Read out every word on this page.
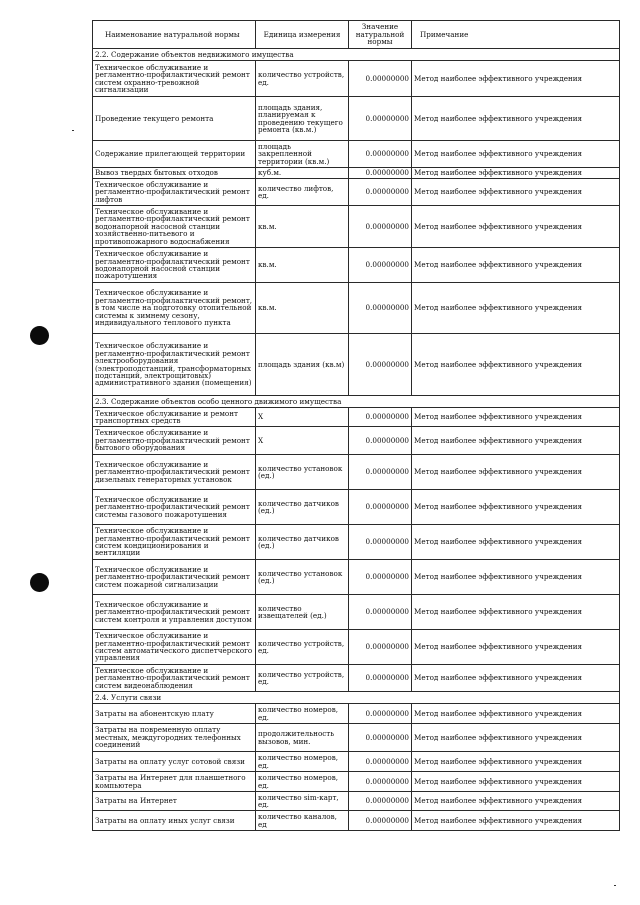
Наименование натуральной нормы	Единица измерения	Значение натуральной нормы	Примечание
2.2. Содержание объектов недвижимого имущества			
Техническое обслуживание и регламентно-профилактический ремонт систем охранно-тревожной сигнализации	количество устройств, ед.	0.00000000	Метод наиболее эффективного учреждения
Проведение текущего ремонта	площадь здания, планируемая к проведению текущего ремонта (кв.м.)	0.00000000	Метод наиболее эффективного учреждения
Содержание прилегающей территории	площадь закрепленной территории (кв.м.)	0.00000000	Метод наиболее эффективного учреждения
Вывоз твердых бытовых отходов	куб.м.	0.00000000	Метод наиболее эффективного учреждения
Техническое обслуживание и регламентно-профилактический ремонт лифтов	количество лифтов, ед.	0.00000000	Метод наиболее эффективного учреждения
Техническое обслуживание и регламентно-профилактический ремонт водонапорной насосной станции хозяйственно-питьевого и противопожарного водоснабжения	кв.м.	0.00000000	Метод наиболее эффективного учреждения
Техническое обслуживание и регламентно-профилактический ремонт водонапорной насосной станции пожаротушения	кв.м.	0.00000000	Метод наиболее эффективного учреждения
Техническое обслуживание и регламентно-профилактический ремонт, в том числе на подготовку отопительной системы к зимнему сезону, индивидуального теплового пункта	кв.м.	0.00000000	Метод наиболее эффективного учреждения
Техническое обслуживание и регламентно-профилактический ремонт электрооборудования (электроподстанций, трансформаторных подстанций, электрощитовых) административного здания (помещения)	площадь здания (кв.м)	0.00000000	Метод наиболее эффективного учреждения
2.3. Содержание объектов особо ценного движимого имущества			
Техническое обслуживание и ремонт транспортных средств	Х	0.00000000	Метод наиболее эффективного учреждения
Техническое обслуживание и регламентно-профилактический ремонт бытового оборудования	Х	0.00000000	Метод наиболее эффективного учреждения
Техническое обслуживание и регламентно-профилактический ремонт дизельных генераторных установок	количество установок (ед.)	0.00000000	Метод наиболее эффективного учреждения
Техническое обслуживание и регламентно-профилактический ремонт системы газового пожаротушения	количество датчиков (ед.)	0.00000000	Метод наиболее эффективного учреждения
Техническое обслуживание и регламентно-профилактический ремонт систем кондиционирования и вентиляции	количество датчиков (ед.)	0.00000000	Метод наиболее эффективного учреждения
Техническое обслуживание и регламентно-профилактический ремонт систем пожарной сигнализации	количество установок (ед.)	0.00000000	Метод наиболее эффективного учреждения
Техническое обслуживание и регламентно-профилактический ремонт систем контроля и управления доступом	количество извещателей (ед.)	0.00000000	Метод наиболее эффективного учреждения
Техническое обслуживание и регламентно-профилактический ремонт систем автоматического диспетчерского управления	количество устройств, ед.	0.00000000	Метод наиболее эффективного учреждения
Техническое обслуживание и регламентно-профилактический ремонт систем видеонаблюдения	количество устройств, ед.	0.00000000	Метод наиболее эффективного учреждения
2.4. Услуги связи			
Затраты на абонентскую плату	количество номеров, ед.	0.00000000	Метод наиболее эффективного учреждения
Затраты на повременную оплату местных, междугородних телефонных соединений	продолжительность вызовов, мин.	0.00000000	Метод наиболее эффективного учреждения
Затраты на оплату услуг сотовой связи	количество номеров, ед.	0.00000000	Метод наиболее эффективного учреждения
Затраты на Интернет для планшетного компьютера	количество номеров, ед.	0.00000000	Метод наиболее эффективного учреждения
Затраты на Интернет	количество sim-карт, ед.	0.00000000	Метод наиболее эффективного учреждения
Затраты на оплату иных услуг связи	количество каналов, ед	0.00000000	Метод наиболее эффективного учреждения
